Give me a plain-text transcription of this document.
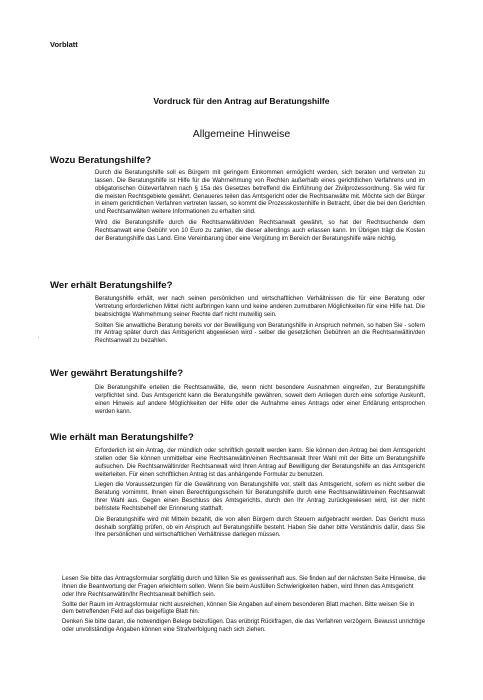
Vorblatt
Vordruck für den Antrag auf Beratungshilfe
Allgemeine Hinweise
Wozu Beratungshilfe?

Durch die Beratungshilfe soll es Bürgern mit geringem Einkommen ermöglicht werden, sich beraten und vertreten zu lassen. Die Beratungshilfe ist Hilfe für die Wahrnehmung von Rechten außerhalb eines gerichtlichen Verfahrens und im obligatorischen Güteverfahren nach § 15a des Gesetzes betreffend die Einführung der Zivilprozessordnung. Sie wird für die meisten Rechtsgebiete gewährt. Genaueres teilen das Amtsgericht oder die Rechtsanwälte mit. Möchte sich der Bürger in einem gerichtlichen Verfahren vertreten lassen, so kommt die Prozesskostenhilfe in Betracht, über die bei den Gerichten und Rechtsanwälten weitere Informationen zu erhalten sind.

Wird die Beratungshilfe durch die Rechtsanwältin/den Rechtsanwalt gewährt, so hat der Rechtsuchende dem Rechtsanwalt eine Gebühr von 10 Euro zu zahlen, die dieser allerdings auch erlassen kann. Im Übrigen trägt die Kosten der Beratungshilfe das Land. Eine Vereinbarung über eine Vergütung im Bereich der Beratungshilfe wäre nichtig.

Wer erhält Beratungshilfe?

Beratungshilfe erhält, wer nach seinen persönlichen und wirtschaftlichen Verhältnissen die für eine Beratung oder Vertretung erforderlichen Mittel nicht aufbringen kann und keine anderen zumutbaren Möglichkeiten für eine Hilfe hat. Die beabsichtigte Wahrnehmung seiner Rechte darf nicht mutwillig sein.

Sollten Sie anwaltliche Beratung bereits vor der Bewilligung von Beratungshilfe in Anspruch nehmen, so haben Sie - sofern Ihr Antrag später durch das Amtsgericht abgewiesen wird - selber die gesetzlichen Gebühren an die Rechtsanwältin/den Rechtsanwalt zu bezahlen.

Wer gewährt Beratungshilfe?

Die Beratungshilfe erteilen die Rechtsanwälte, die, wenn nicht besondere Ausnahmen eingreifen, zur Beratungshilfe verpflichtet sind. Das Amtsgericht kann die Beratungshilfe gewähren, soweit dem Anliegen durch eine sofortige Auskunft, einen Hinweis auf andere Möglichkeiten der Hilfe oder die Aufnahme eines Antrags oder einer Erklärung entsprochen werden kann.

Wie erhält man Beratungshilfe?

Erforderlich ist ein Antrag, der mündlich oder schriftlich gestellt werden kann. Sie können den Antrag bei dem Amtsgericht stellen oder Sie können unmittelbar eine Rechtsanwältin/einen Rechtsanwalt Ihrer Wahl mit der Bitte um Beratungshilfe aufsuchen. Die Rechtsanwältin/der Rechtsanwalt wird Ihren Antrag auf Bewilligung der Beratungshilfe an das Amtsgericht weiterleiten. Für einen schriftlichen Antrag ist das anhängende Formular zu benutzen.

Liegen die Voraussetzungen für die Gewährung von Beratungshilfe vor, stellt das Amtsgericht, sofern es nicht selber die Beratung vornimmt, Ihnen einen Berechtigungsschein für Beratungshilfe durch eine Rechtsanwältin/einen Rechtsanwalt Ihrer Wahl aus. Gegen einen Beschluss des Amtsgerichts, durch den Ihr Antrag zurückgewiesen wird, ist der nicht befristete Rechtsbehelf der Erinnerung statthaft.

Die Beratungshilfe wird mit Mitteln bezahlt, die von allen Bürgern durch Steuern aufgebracht werden. Das Gericht muss deshalb sorgfältig prüfen, ob ein Anspruch auf Beratungshilfe besteht. Haben Sie daher bitte Verständnis dafür, dass Sie Ihre persönlichen und wirtschaftlichen Verhältnisse darlegen müssen.

Lesen Sie bitte das Antragsformular sorgfältig durch und füllen Sie es gewissenhaft aus. Sie finden auf der nächsten Seite Hinweise, die Ihnen die Beantwortung der Fragen erleichtern sollen. Wenn Sie beim Ausfüllen Schwierigkeiten haben, wird Ihnen das Amtsgericht oder Ihre Rechtsanwältin/Ihr Rechtsanwalt behilflich sein.

Sollte der Raum im Antragsformular nicht ausreichen, können Sie Angaben auf einem besonderen Blatt machen. Bitte weisen Sie in dem betreffenden Feld auf das beigefügte Blatt hin.

Denken Sie bitte daran, die notwendigen Belege beizufügen. Das erübrigt Rückfragen, die das Verfahren verzögern. Bewusst unrichtige oder unvollständige Angaben können eine Strafverfolgung nach sich ziehen.
